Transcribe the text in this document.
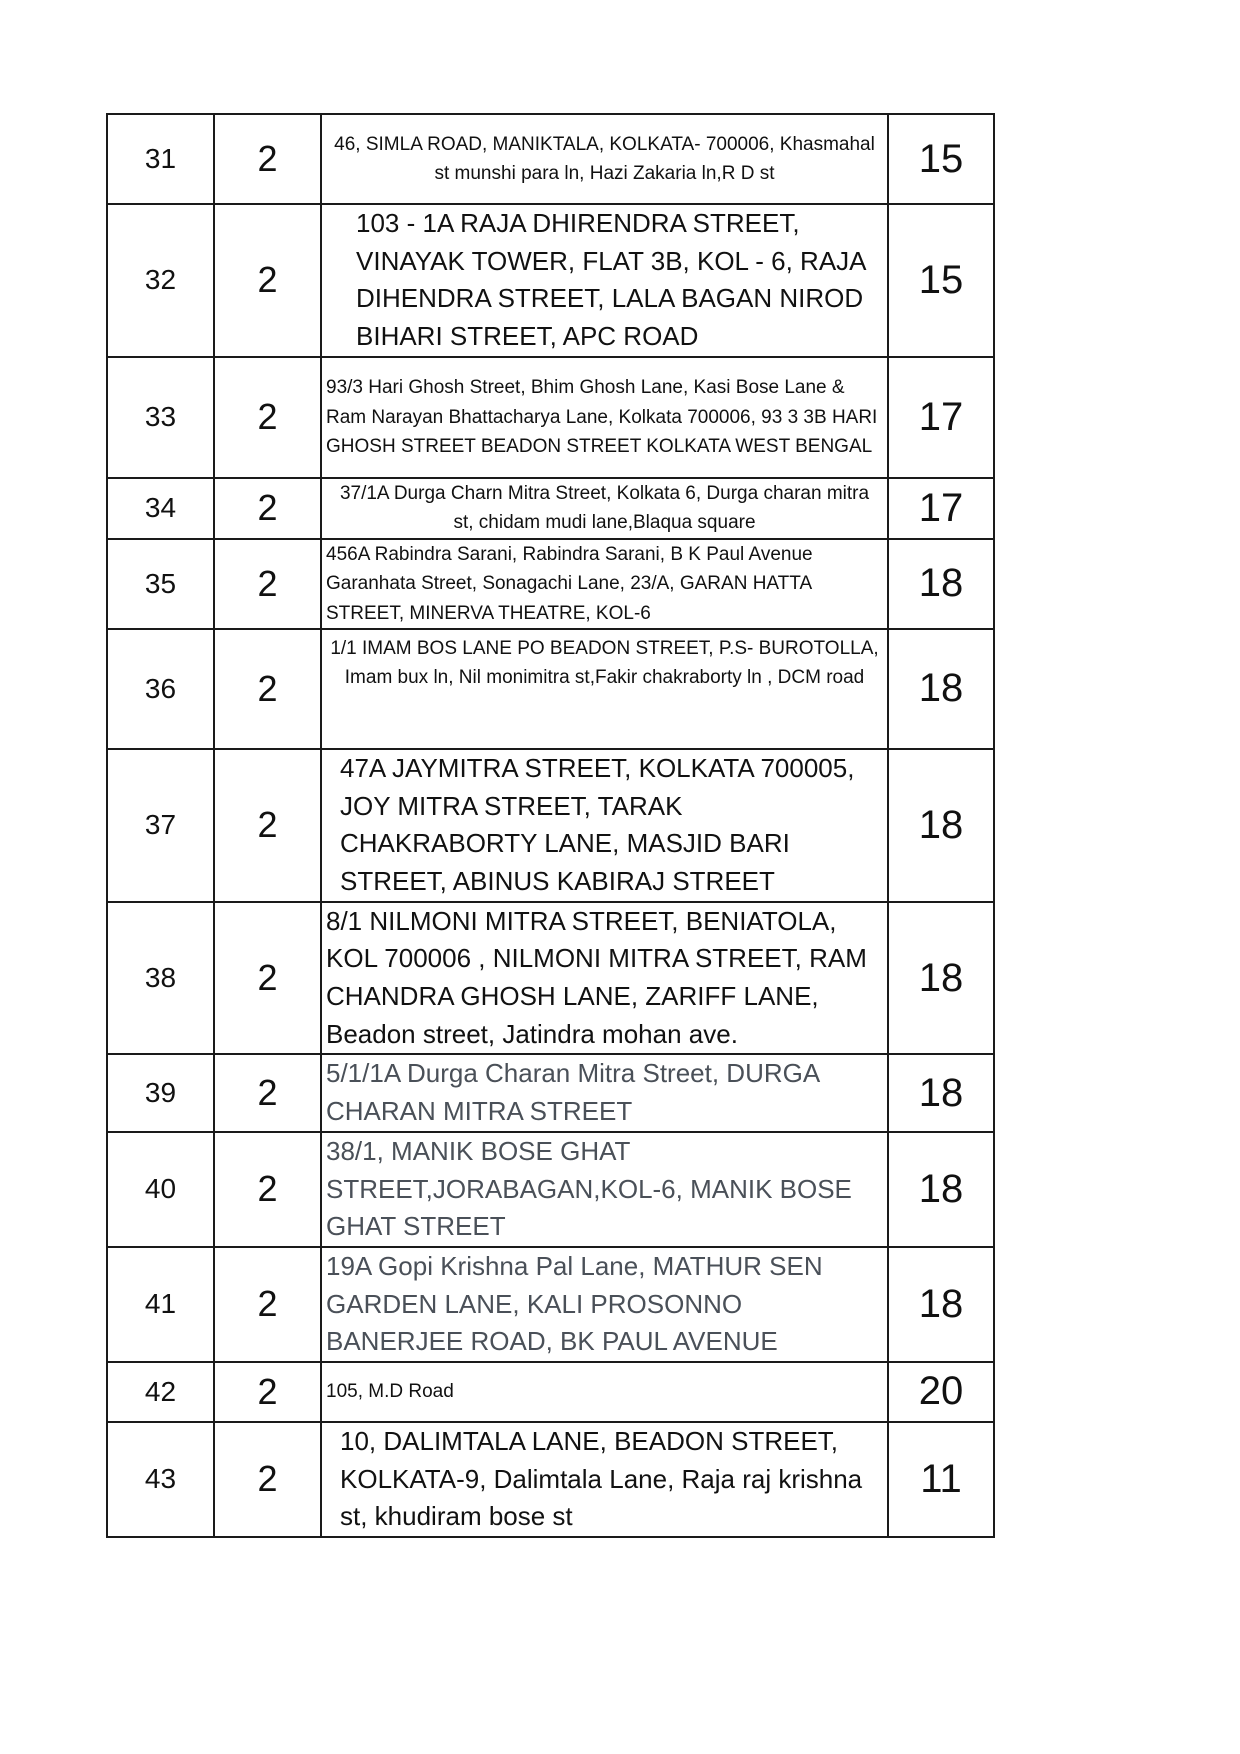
31	2	46, SIMLA ROAD, MANIKTALA, KOLKATA- 700006, Khasmahal st munshi para ln, Hazi Zakaria ln,R D st	15
32	2	103 - 1A RAJA DHIRENDRA STREET, VINAYAK TOWER, FLAT 3B, KOL - 6, RAJA DIHENDRA STREET, LALA BAGAN NIROD BIHARI STREET, APC ROAD	15
33	2	93/3 Hari Ghosh Street, Bhim Ghosh Lane, Kasi Bose Lane & Ram Narayan Bhattacharya Lane, Kolkata 700006, 93 3 3B HARI GHOSH STREET BEADON STREET KOLKATA WEST BENGAL	17
34	2	37/1A Durga Charn Mitra Street, Kolkata 6, Durga charan mitra st, chidam mudi lane,Blaqua square	17
35	2	456A Rabindra Sarani, Rabindra Sarani, B K Paul Avenue Garanhata Street, Sonagachi Lane, 23/A, GARAN HATTA STREET, MINERVA THEATRE, KOL-6	18
36	2	1/1 IMAM BOS LANE PO BEADON STREET, P.S- BUROTOLLA, Imam bux ln, Nil monimitra st,Fakir chakraborty ln , DCM road	18
37	2	47A JAYMITRA STREET, KOLKATA 700005, JOY MITRA STREET, TARAK CHAKRABORTY LANE, MASJID BARI STREET, ABINUS KABIRAJ STREET	18
38	2	8/1 NILMONI MITRA STREET, BENIATOLA, KOL 700006 , NILMONI MITRA STREET, RAM CHANDRA GHOSH LANE, ZARIFF LANE, Beadon street, Jatindra mohan ave.	18
39	2	5/1/1A Durga Charan Mitra Street, DURGA CHARAN MITRA STREET	18
40	2	38/1, MANIK BOSE GHAT STREET,JORABAGAN,KOL-6, MANIK BOSE GHAT STREET	18
41	2	19A Gopi Krishna Pal Lane, MATHUR SEN GARDEN LANE, KALI PROSONNO BANERJEE ROAD, BK PAUL AVENUE	18
42	2	105, M.D Road	20
43	2	10, DALIMTALA LANE, BEADON STREET, KOLKATA-9, Dalimtala Lane, Raja raj krishna st, khudiram bose st	11
